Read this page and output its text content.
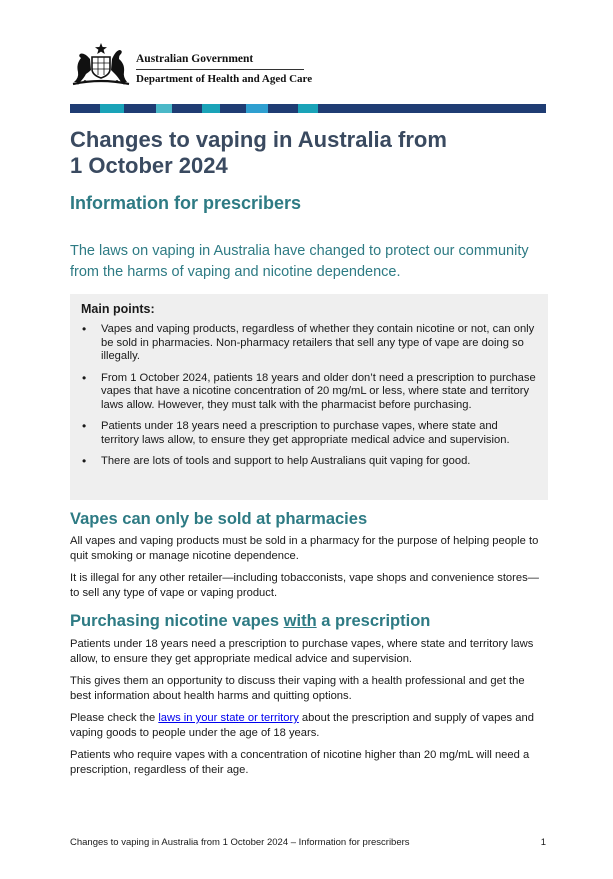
Australian Government
Department of Health and Aged Care
Changes to vaping in Australia from
1 October 2024
Information for prescribers

The laws on vaping in Australia have changed to protect our community from the harms of vaping and nicotine dependence.

Main points:
• Vapes and vaping products, regardless of whether they contain nicotine or not, can only be sold in pharmacies. Non-pharmacy retailers that sell any type of vape are doing so illegally.
• From 1 October 2024, patients 18 years and older don’t need a prescription to purchase vapes that have a nicotine concentration of 20 mg/mL or less, where state and territory laws allow. However, they must talk with the pharmacist before purchasing.
• Patients under 18 years need a prescription to purchase vapes, where state and territory laws allow, to ensure they get appropriate medical advice and supervision.
• There are lots of tools and support to help Australians quit vaping for good.
Vapes can only be sold at pharmacies

All vapes and vaping products must be sold in a pharmacy for the purpose of helping people to quit smoking or manage nicotine dependence.

It is illegal for any other retailer—including tobacconists, vape shops and convenience stores—to sell any type of vape or vaping product.

Purchasing nicotine vapes with a prescription

Patients under 18 years need a prescription to purchase vapes, where state and territory laws allow, to ensure they get appropriate medical advice and supervision.

This gives them an opportunity to discuss their vaping with a health professional and get the best information about health harms and quitting options.

Please check the laws in your state or territory about the prescription and supply of vapes and vaping goods to people under the age of 18 years.

Patients who require vapes with a concentration of nicotine higher than 20 mg/mL will need a prescription, regardless of their age.

Changes to vaping in Australia from 1 October 2024 – Information for prescribers	1
